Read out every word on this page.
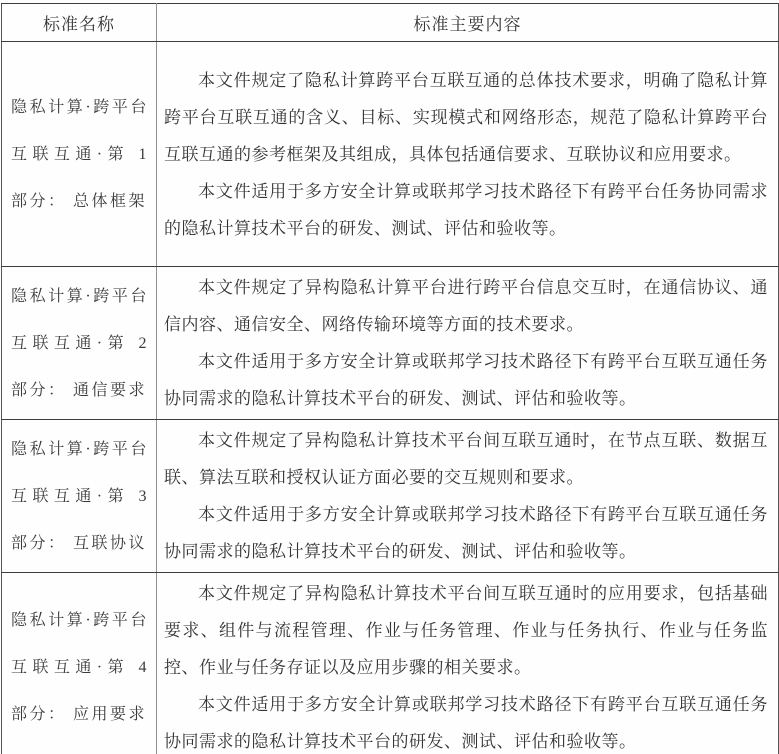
标准名称	标准主要内容
隐私计算·跨平台互联互通·第 1 部分： 总体框架	本文件规定了隐私计算跨平台互联互通的总体技术要求，明确了隐私计算跨平台互联互通的含义、目标、实现模式和网络形态，规范了隐私计算跨平台互联互通的参考框架及其组成，具体包括通信要求、互联协议和应用要求。

本文件适用于多方安全计算或联邦学习技术路径下有跨平台任务协同需求的隐私计算技术平台的研发、测试、评估和验收等。

隐私计算·跨平台互联互通·第 2 部分： 通信要求	本文件规定了异构隐私计算平台进行跨平台信息交互时，在通信协议、通信内容、通信安全、网络传输环境等方面的技术要求。

本文件适用于多方安全计算或联邦学习技术路径下有跨平台互联互通任务协同需求的隐私计算技术平台的研发、测试、评估和验收等。

隐私计算·跨平台互联互通·第 3 部分： 互联协议	本文件规定了异构隐私计算技术平台间互联互通时，在节点互联、数据互联、算法互联和授权认证方面必要的交互规则和要求。

本文件适用于多方安全计算或联邦学习技术路径下有跨平台互联互通任务协同需求的隐私计算技术平台的研发、测试、评估和验收等。

隐私计算·跨平台互联互通·第 4 部分： 应用要求	本文件规定了异构隐私计算技术平台间互联互通时的应用要求，包括基础要求、组件与流程管理、作业与任务管理、作业与任务执行、作业与任务监控、作业与任务存证以及应用步骤的相关要求。

本文件适用于多方安全计算或联邦学习技术路径下有跨平台互联互通任务协同需求的隐私计算技术平台的研发、测试、评估和验收等。
